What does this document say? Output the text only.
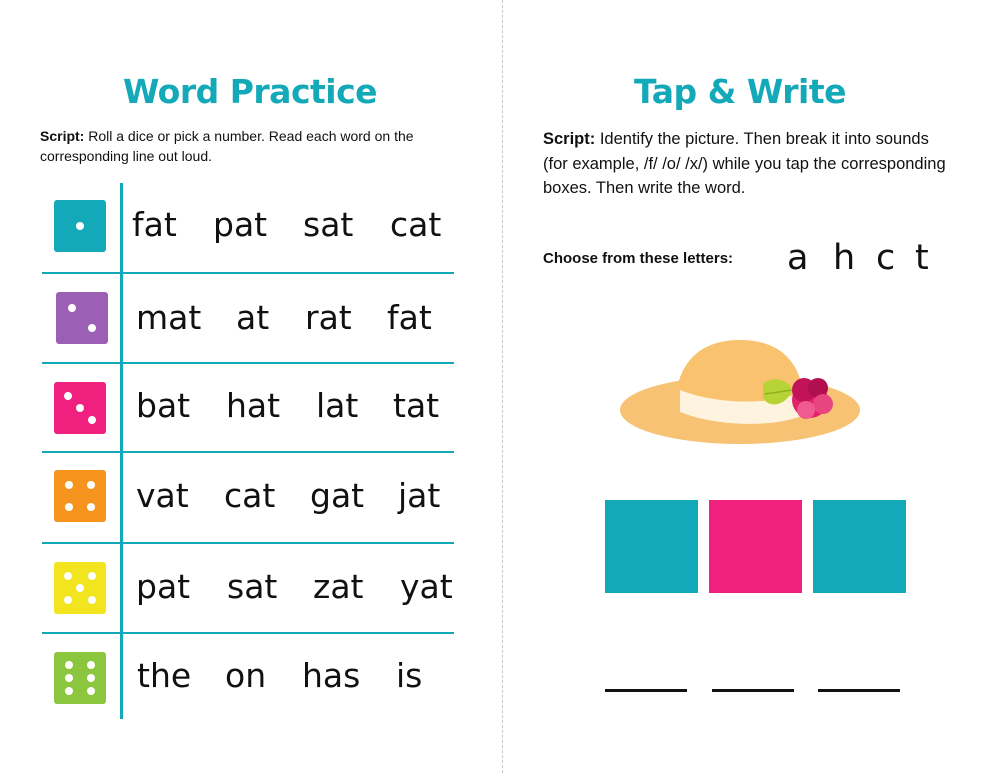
Word Practice
Script: Roll a dice or pick a number. Read each word on the corresponding line out loud.
fat pat sat cat
mat at rat fat
bat hat lat tat
vat cat gat jat
pat sat zat yat
the on has is
Tap & Write
Script: Identify the picture. Then break it into sounds (for example, /f/ /o/ /x/) while you tap the corresponding boxes. Then write the word.
Choose from these letters: a h c t
